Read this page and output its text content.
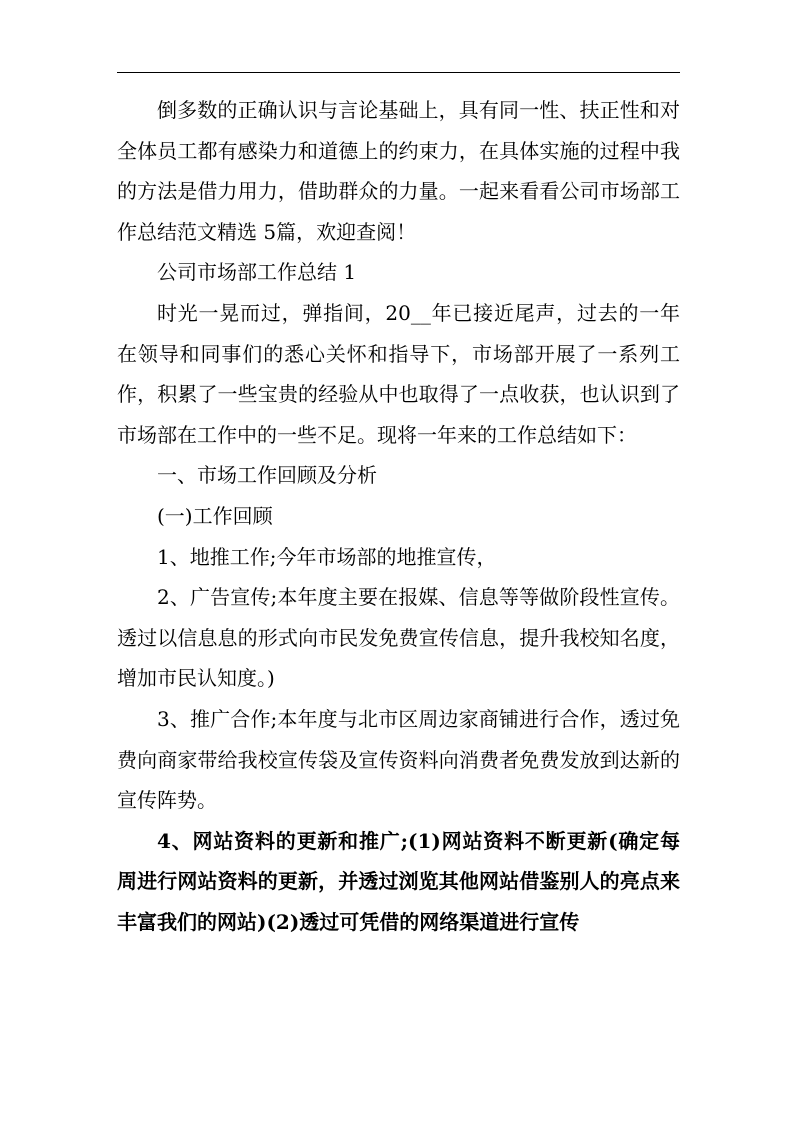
倒多数的正确认识与言论基础上，具有同一性、扶正性和对全体员工都有感染力和道德上的约束力，在具体实施的过程中我的方法是借力用力，借助群众的力量。一起来看看公司市场部工作总结范文精选 5篇，欢迎查阅！

公司市场部工作总结 1

时光一晃而过，弹指间，20__年已接近尾声，过去的一年在领导和同事们的悉心关怀和指导下，市场部开展了一系列工作，积累了一些宝贵的经验从中也取得了一点收获，也认识到了市场部在工作中的一些不足。现将一年来的工作总结如下：

一、市场工作回顾及分析

(一)工作回顾

1、地推工作;今年市场部的地推宣传，

2、广告宣传;本年度主要在报媒、信息等等做阶段性宣传。透过以信息息的形式向市民发免费宣传信息，提升我校知名度，增加市民认知度。)

3、推广合作;本年度与北市区周边家商铺进行合作，透过免费向商家带给我校宣传袋及宣传资料向消费者免费发放到达新的宣传阵势。

4、网站资料的更新和推广;(1)网站资料不断更新(确定每周进行网站资料的更新，并透过浏览其他网站借鉴别人的亮点来丰富我们的网站)(2)透过可凭借的网络渠道进行宣传
